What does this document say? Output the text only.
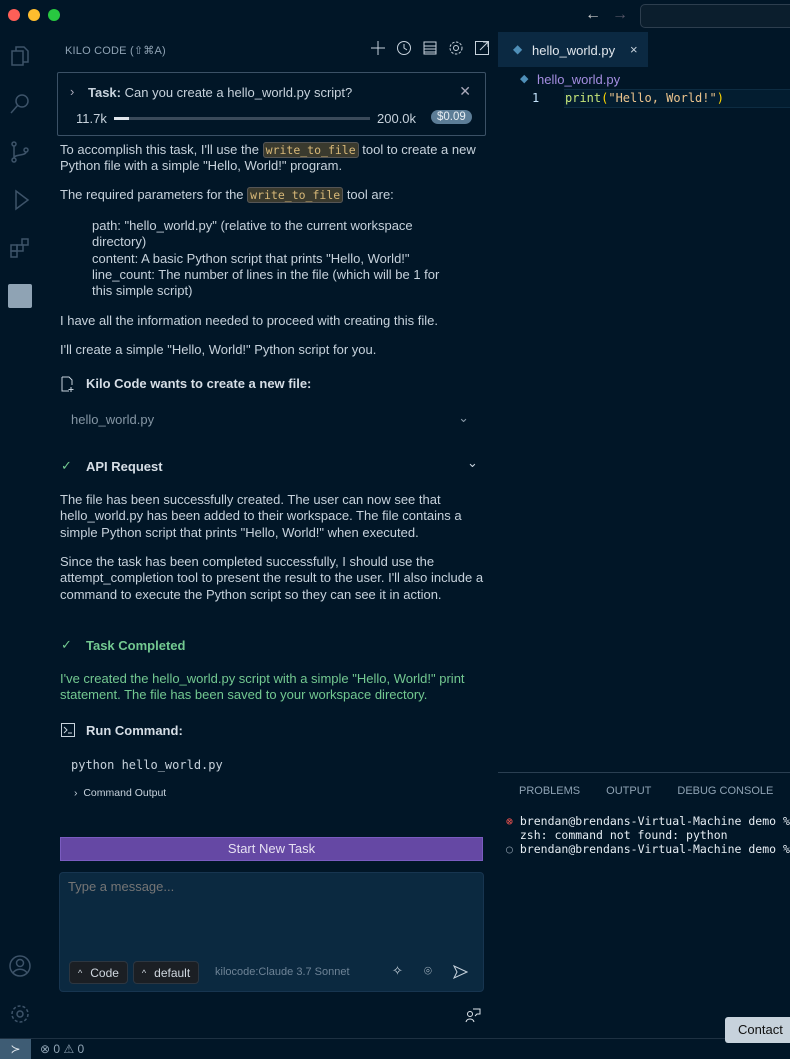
← →
KILO CODE (⇧⌘A)
› Task: Can you create a hello_world.py script?	✕
11.7k	200.0k	$0.09
To accomplish this task, I'll use the write_to_file tool to create a new Python file with a simple "Hello, World!" program.
The required parameters for the write_to_file tool are:
path: "hello_world.py" (relative to the current workspace directory)
content: A basic Python script that prints "Hello, World!"
line_count: The number of lines in the file (which will be 1 for this simple script)
I have all the information needed to proceed with creating this file.
I'll create a simple "Hello, World!" Python script for you.
Kilo Code wants to create a new file:
hello_world.py	⌄
✓ API Request	⌄
The file has been successfully created. The user can now see that hello_world.py has been added to their workspace. The file contains a simple Python script that prints "Hello, World!" when executed.
Since the task has been completed successfully, I should use the attempt_completion tool to present the result to the user. I'll also include a command to execute the Python script so they can see it in action.
✓ Task Completed
I've created the hello_world.py script with a simple "Hello, World!" print statement. The file has been saved to your workspace directory.
Run Command:
python hello_world.py
› Command Output
Start New Task
Type a message...
^ Code	^ default kilocode:Claude 3.7 Sonnet	✧ ⌾
◆ hello_world.py ×
◆ hello_world.py
1 print("Hello, World!")
PROBLEMS OUTPUT DEBUG CONSOLE
⊗ brendan@brendans-Virtual-Machine demo %
zsh: command not found: python
○ brendan@brendans-Virtual-Machine demo %
≻	⊗ 0 ⚠ 0
Contact
